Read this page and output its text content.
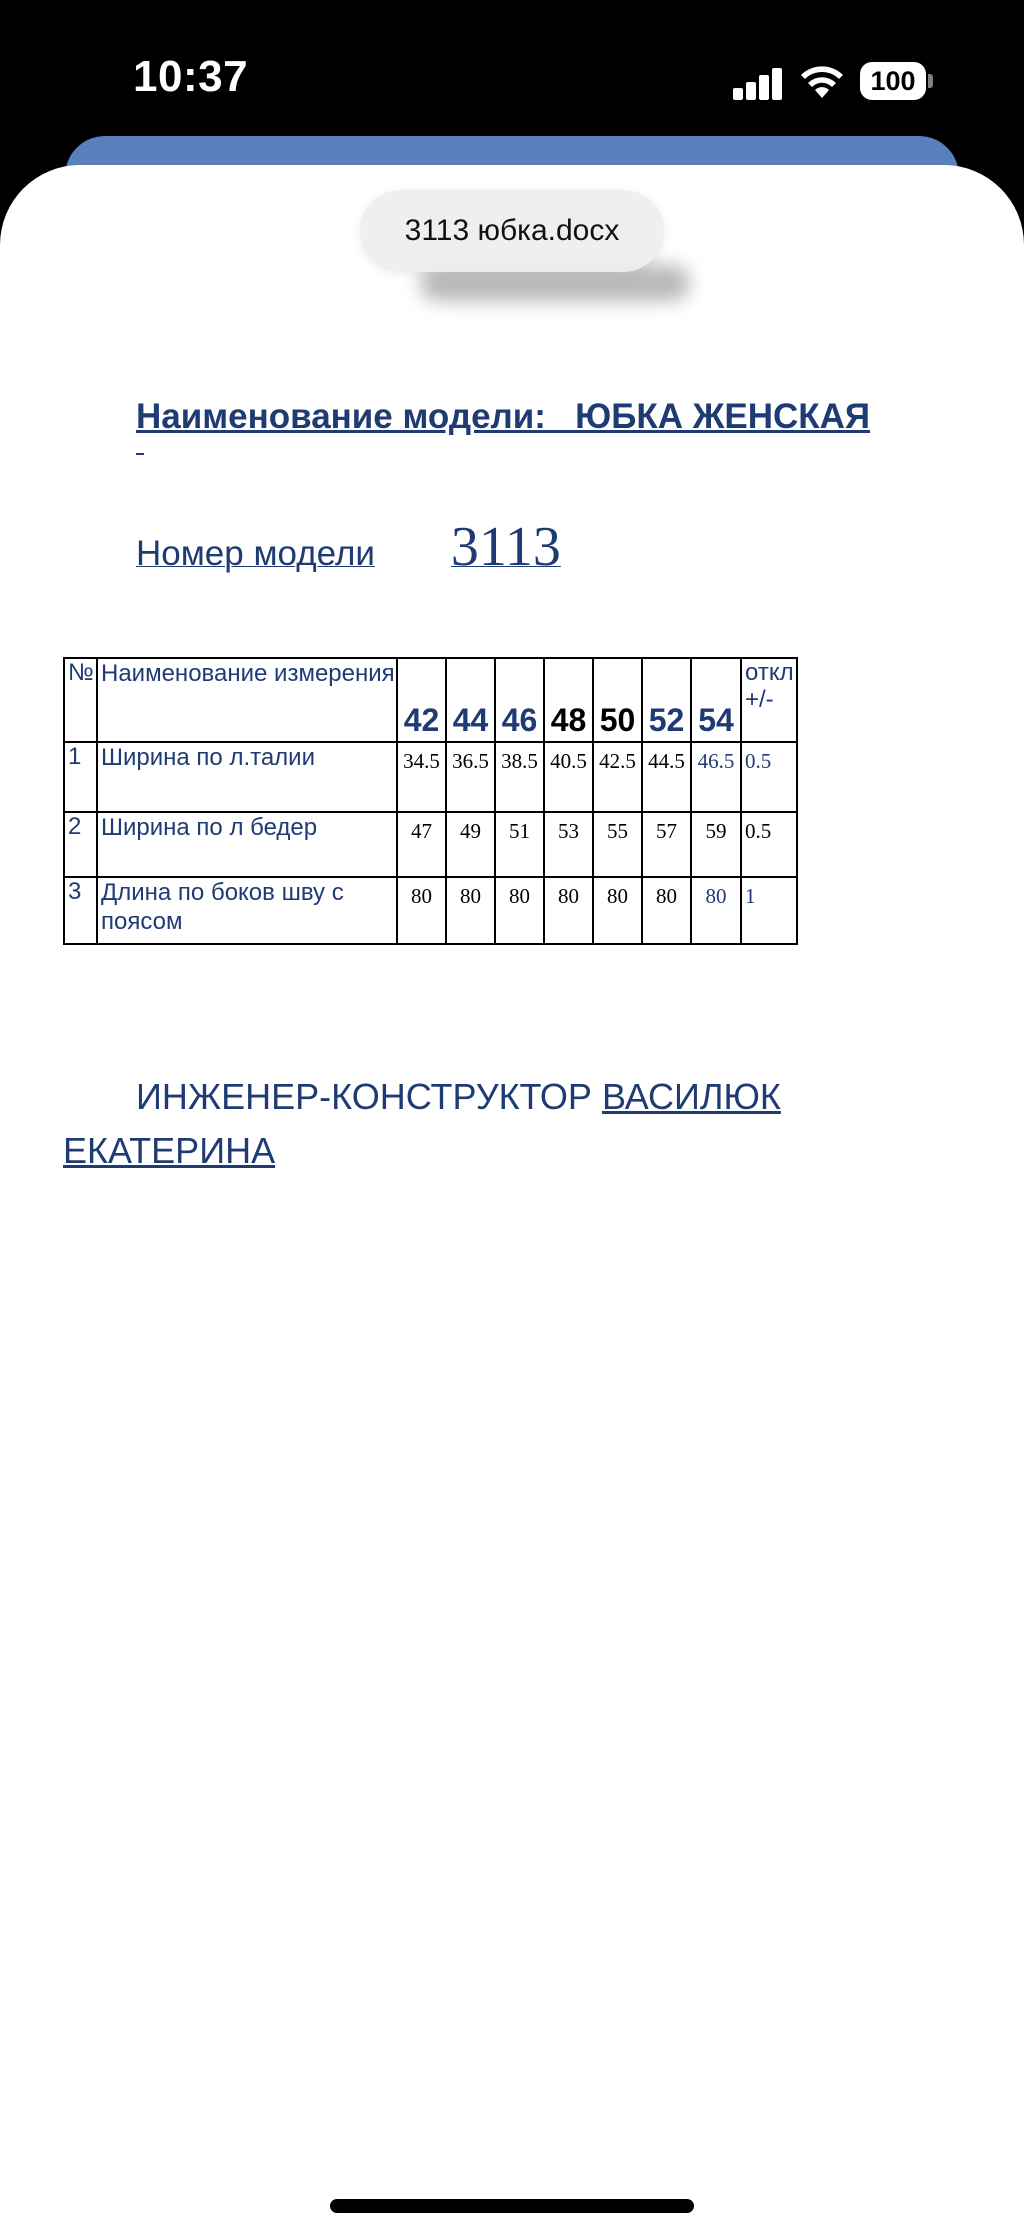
10:37	100
3113 юбка.docx
Наименование модели: _ЮБКА ЖЕНСКАЯ
Номер модели 3113
№	Наименование измерения	42	44	46	48	50	52	54	откл +/-
1	Ширина по л.талии	34.5	36.5	38.5	40.5	42.5	44.5	46.5	0.5
2	Ширина по л бедер	47	49	51	53	55	57	59	0.5
3	Длина по боков шву с поясом	80	80	80	80	80	80	80	1
ИНЖЕНЕР-КОНСТРУКТОР ВАСИЛЮК
ЕКАТЕРИНА
